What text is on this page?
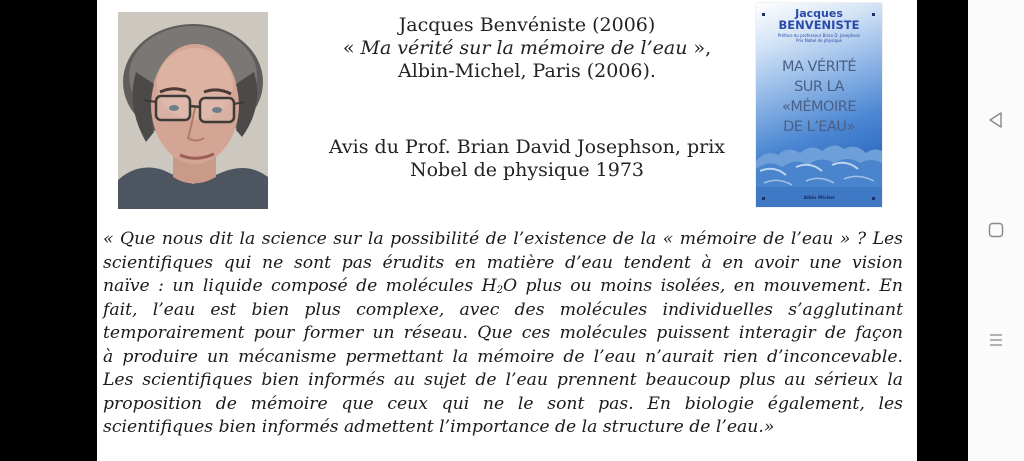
Jacques Benvéniste (2006)
« Ma vérité sur la mémoire de l’eau »,
Albin-Michel, Paris (2006).
Avis du Prof. Brian David Josephson, prix
Nobel de physique 1973
Jacques
BENVENISTE
Préface du professeur Brian D. Josephson
Prix Nobel de physique
MA VÉRITÉ
SUR LA
«MÉMOIRE
DE L’EAU»
Albin Michel
« Que nous dit la science sur la possibilité de l’existence de la « mémoire de l’eau » ? Les
scientifiques qui ne sont pas érudits en matière d’eau tendent à en avoir une vision
naïve : un liquide composé de molécules $H_2O$ plus ou moins isolées, en mouvement. En
fait, l’eau est bien plus complexe, avec des molécules individuelles s’agglutinant
temporairement pour former un réseau. Que ces molécules puissent interagir de façon
à produire un mécanisme permettant la mémoire de l’eau n’aurait rien d’inconcevable.
Les scientifiques bien informés au sujet de l’eau prennent beaucoup plus au sérieux la
proposition de mémoire que ceux qui ne le sont pas. En biologie également, les
scientifiques bien informés admettent l’importance de la structure de l’eau.»
